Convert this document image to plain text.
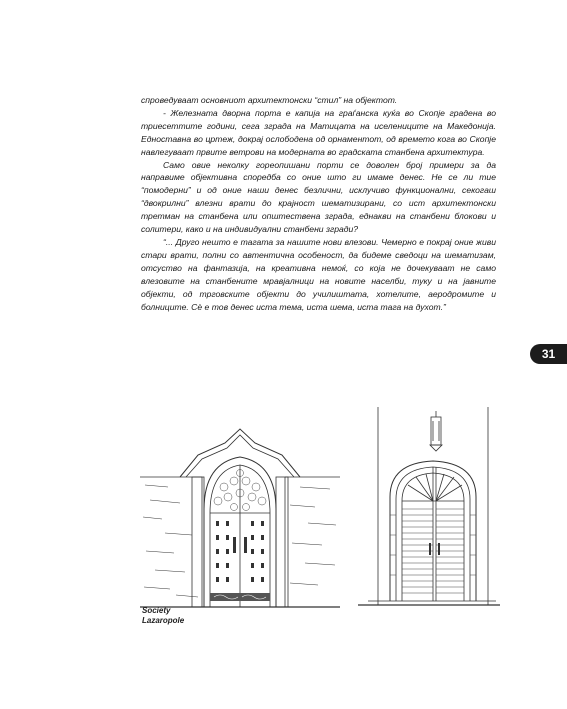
спроведуваат основниот архитектонски “стил” на објектот.

- Железната дворна порта е капија на граѓанска куќа во Скопје градена во триесеттите години, сега зграда на Матицата на иселениците на Македонија. Едноставна во цртеж, докрај ослободена од орнаментот, од времето кога во Скопје навлегуваат првите ветрови на модерната во градската станбена архитектура.

Само овие неколку гореопишани порти се доволен број примери за да направиме објективна споредба со оние што ги имаме денес. Не се ли тие “помодерни” и од оние наши денес безлични, исклучиво функционални, секогаш “двокрилни” влезни врати до крајност шематизирани, со ист архитектонски третман на станбена или општествена зграда, еднакви на станбени блокови и солитери, како и на индивидуални станбени згради?

“... Друго нешто е тагата за нашите нови влезови. Чемерно е покрај оние живи стари врати, полни со автентична особеност, да бидеме сведоци на шематизам, отсуство на фантазија, на креативна немоќ, со која не дочекуваат не само влезовите на станбените мравјалници на новите населби, туку и на јавните објекти, од трговските објекти до училиштата, хотелите, аеродромите и болниците. Сè е тов денес иста тема, иста шема, иста тага на духот.”

31
Society
Lazaropole
